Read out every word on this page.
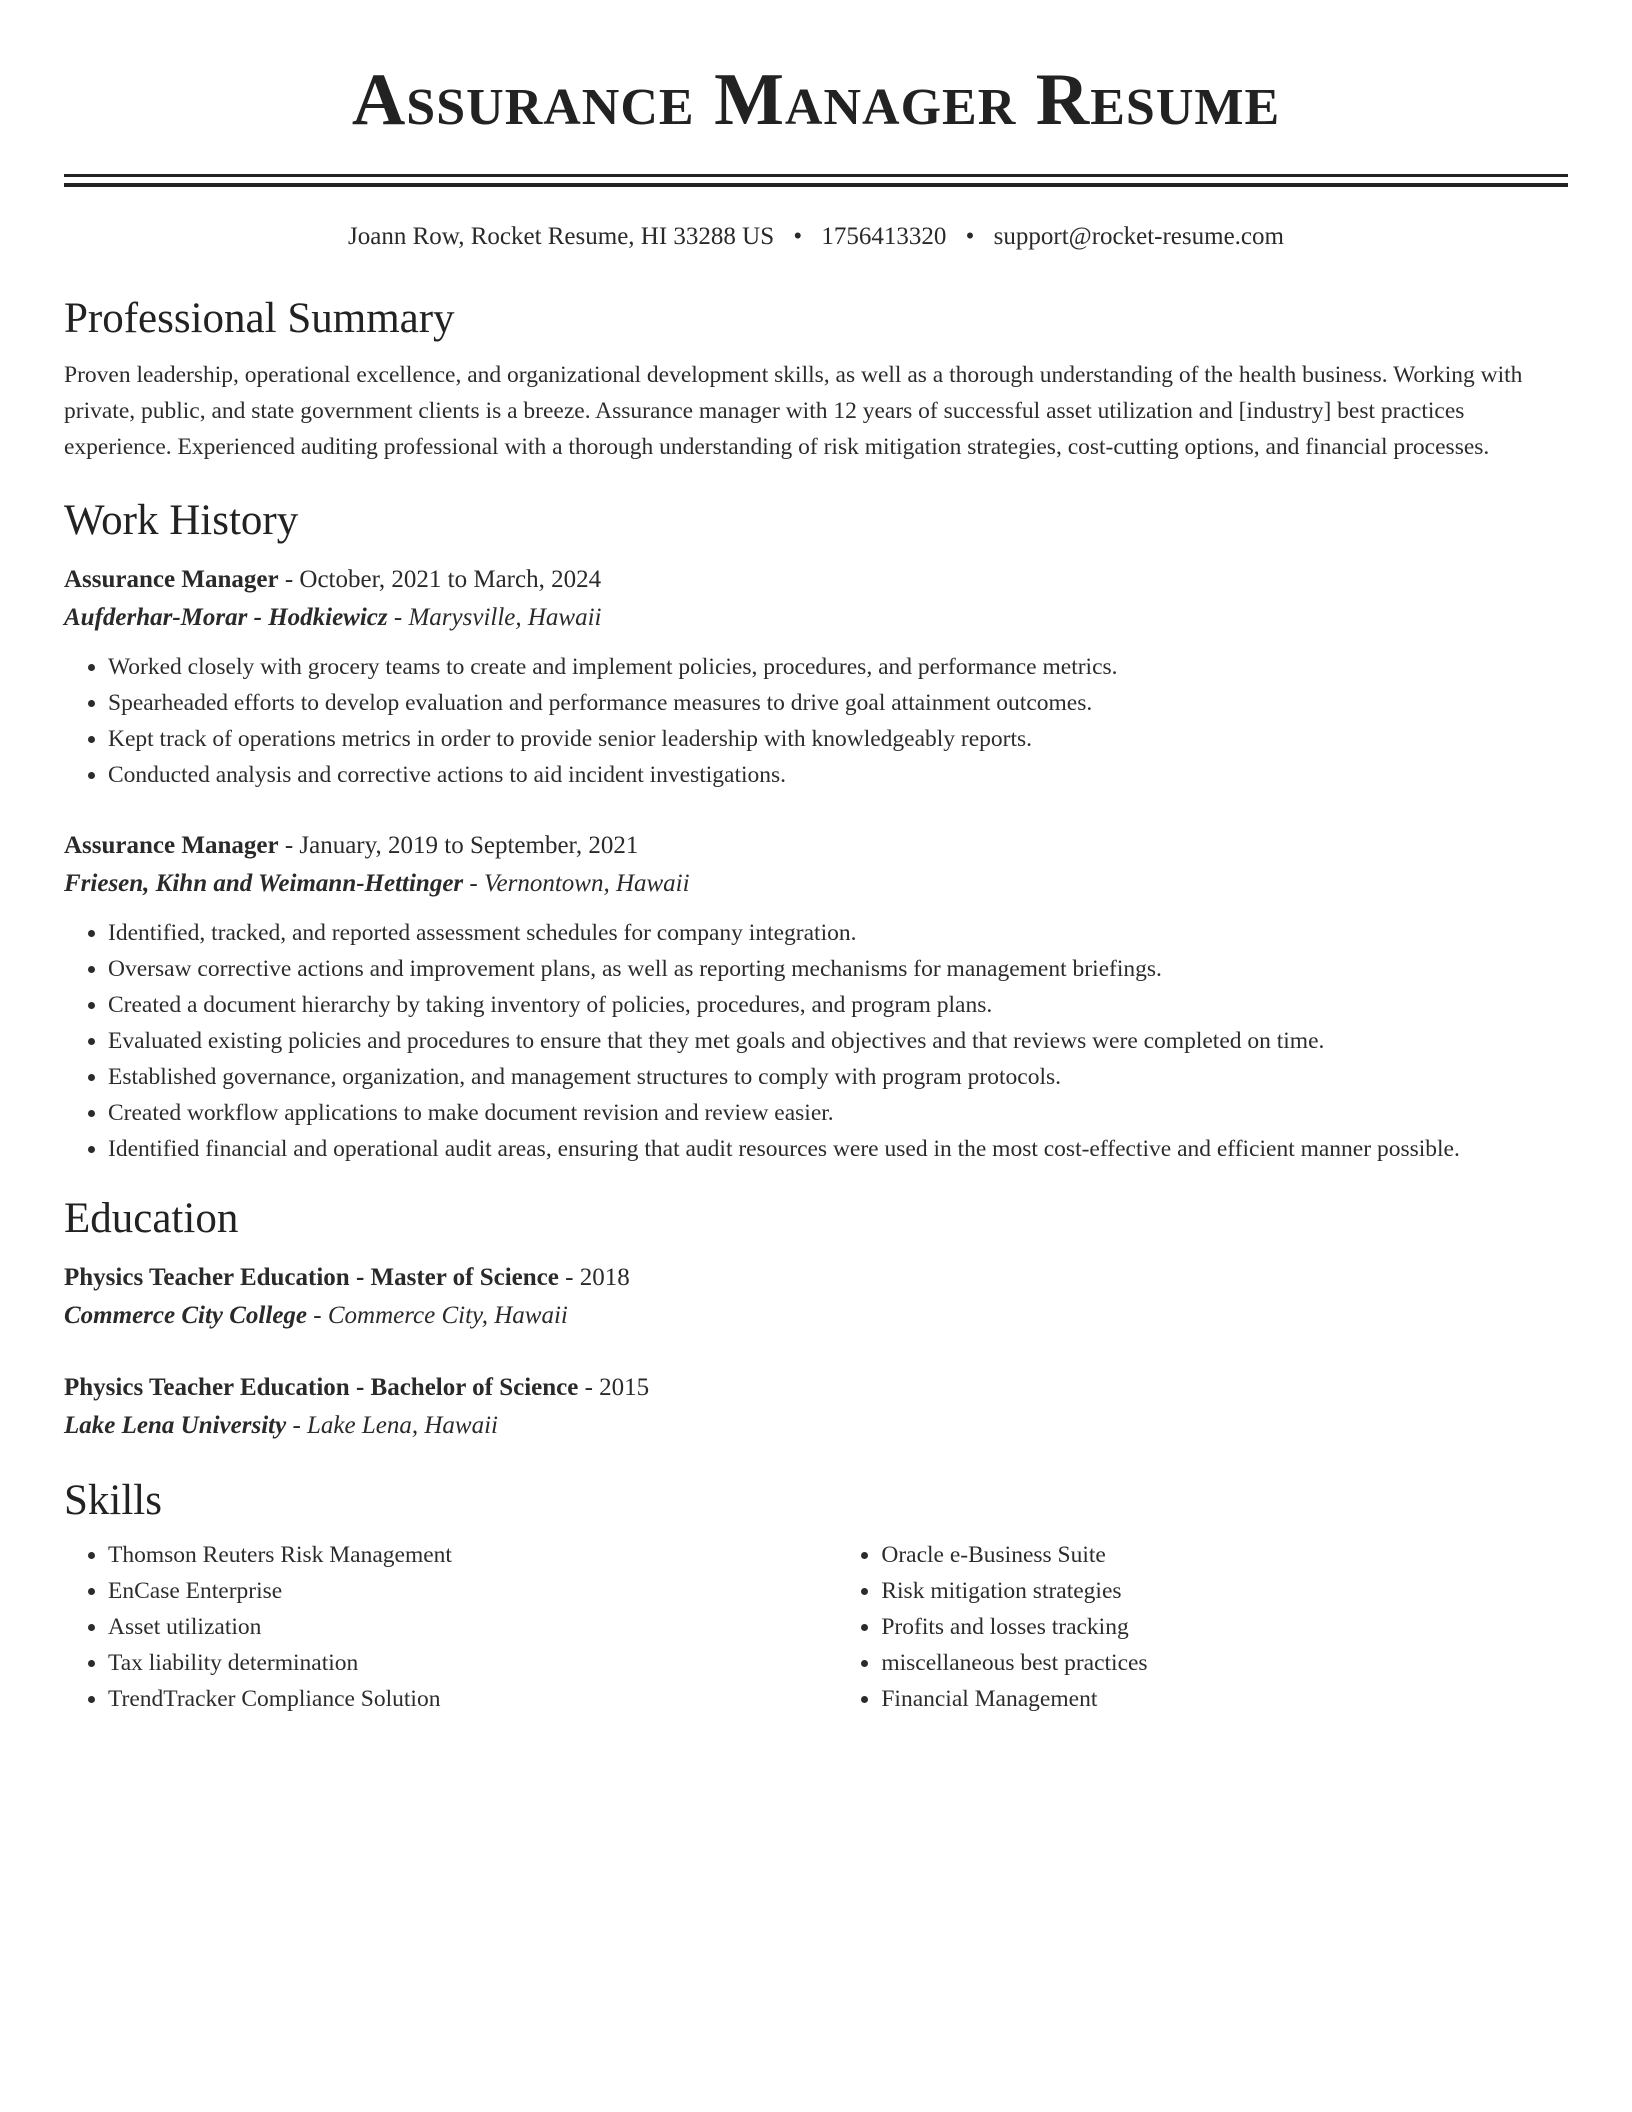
Assurance Manager Resume
Joann Row, Rocket Resume, HI 33288 US • 1756413320 • support@rocket-resume.com
Professional Summary

Proven leadership, operational excellence, and organizational development skills, as well as a thorough understanding of the health business. Working with private, public, and state government clients is a breeze. Assurance manager with 12 years of successful asset utilization and [industry] best practices experience. Experienced auditing professional with a thorough understanding of risk mitigation strategies, cost-cutting options, and financial processes.

Work History
Assurance Manager - October, 2021 to March, 2024
Aufderhar-Morar - Hodkiewicz - Marysville, Hawaii
• Worked closely with grocery teams to create and implement policies, procedures, and performance metrics.
• Spearheaded efforts to develop evaluation and performance measures to drive goal attainment outcomes.
• Kept track of operations metrics in order to provide senior leadership with knowledgeably reports.
• Conducted analysis and corrective actions to aid incident investigations.
Assurance Manager - January, 2019 to September, 2021
Friesen, Kihn and Weimann-Hettinger - Vernontown, Hawaii
• Identified, tracked, and reported assessment schedules for company integration.
• Oversaw corrective actions and improvement plans, as well as reporting mechanisms for management briefings.
• Created a document hierarchy by taking inventory of policies, procedures, and program plans.
• Evaluated existing policies and procedures to ensure that they met goals and objectives and that reviews were completed on time.
• Established governance, organization, and management structures to comply with program protocols.
• Created workflow applications to make document revision and review easier.
• Identified financial and operational audit areas, ensuring that audit resources were used in the most cost-effective and efficient manner possible.
Education
Physics Teacher Education - Master of Science - 2018
Commerce City College - Commerce City, Hawaii
Physics Teacher Education - Bachelor of Science - 2015
Lake Lena University - Lake Lena, Hawaii
Skills
• Thomson Reuters Risk Management
• EnCase Enterprise
• Asset utilization
• Tax liability determination
• TrendTracker Compliance Solution
• Oracle e-Business Suite
• Risk mitigation strategies
• Profits and losses tracking
• miscellaneous best practices
• Financial Management
